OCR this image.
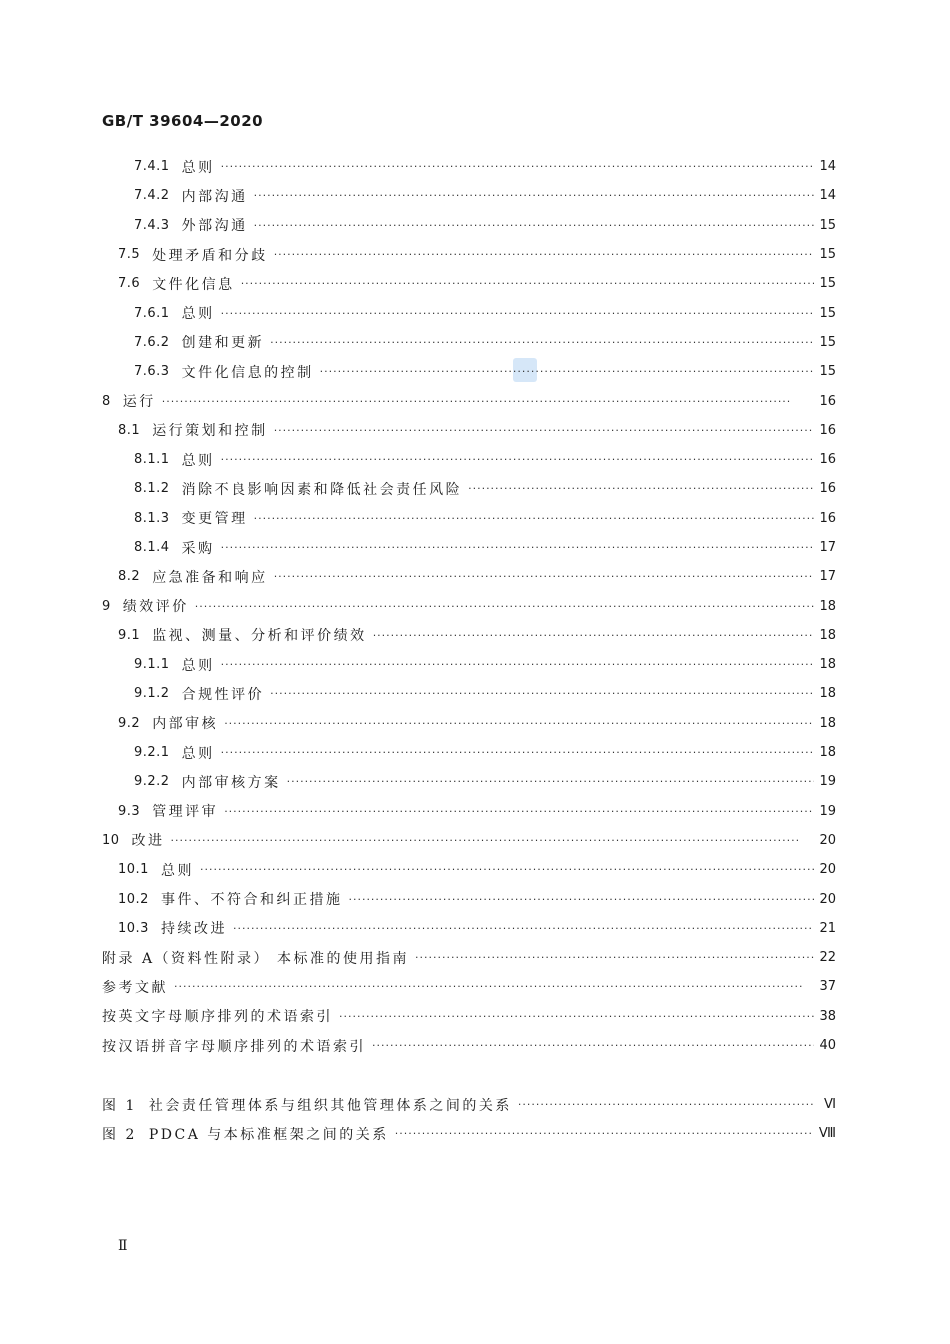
GB/T 39604—2020
7.4.1 总则 ·····	14
7.4.2 内部沟通 ·····	14
7.4.3 外部沟通 ·····	15
7.5 处理矛盾和分歧 ·····	15
7.6 文件化信息 ·····	15
7.6.1 总则 ·····	15
7.6.2 创建和更新 ·····	15
7.6.3 文件化信息的控制 ·····	15
8 运行 ·····	16
8.1 运行策划和控制 ·····	16
8.1.1 总则 ·····	16
8.1.2 消除不良影响因素和降低社会责任风险 ·····	16
8.1.3 变更管理 ·····	16
8.1.4 采购 ·····	17
8.2 应急准备和响应 ·····	17
9 绩效评价 ·····	18
9.1 监视、测量、分析和评价绩效 ·····	18
9.1.1 总则 ·····	18
9.1.2 合规性评价 ·····	18
9.2 内部审核 ·····	18
9.2.1 总则 ·····	18
9.2.2 内部审核方案 ·····	19
9.3 管理评审 ·····	19
10 改进 ·····	20
10.1 总则 ·····	20
10.2 事件、不符合和纠正措施 ·····	20
10.3 持续改进 ·····	21
附录 A（资料性附录） 本标准的使用指南 ·····	22
参考文献 ·····	37
按英文字母顺序排列的术语索引 ·····	38
按汉语拼音字母顺序排列的术语索引 ·····	40
图 1 社会责任管理体系与组织其他管理体系之间的关系 ·····	Ⅵ
图 2 PDCA 与本标准框架之间的关系 ·····	Ⅷ
Ⅱ
